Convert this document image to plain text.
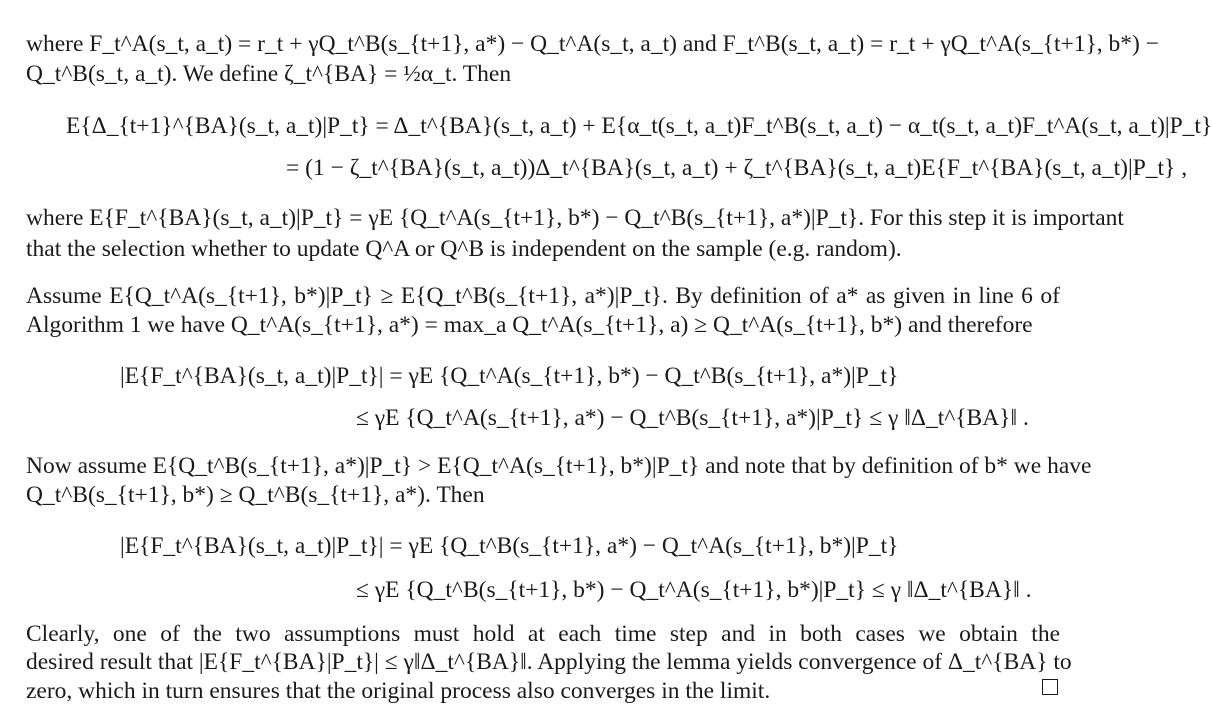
where F_t^A(s_t, a_t) = r_t + γQ_t^B(s_{t+1}, a*) − Q_t^A(s_t, a_t) and F_t^B(s_t, a_t) = r_t + γQ_t^A(s_{t+1}, b*) −

Q_t^B(s_t, a_t). We define ζ_t^{BA} = ½α_t. Then

E{Δ_{t+1}^{BA}(s_t, a_t)|P_t} = Δ_t^{BA}(s_t, a_t) + E{α_t(s_t, a_t)F_t^B(s_t, a_t) − α_t(s_t, a_t)F_t^A(s_t, a_t)|P_t}

= (1 − ζ_t^{BA}(s_t, a_t))Δ_t^{BA}(s_t, a_t) + ζ_t^{BA}(s_t, a_t)E{F_t^{BA}(s_t, a_t)|P_t} ,

where E{F_t^{BA}(s_t, a_t)|P_t} = γE {Q_t^A(s_{t+1}, b*) − Q_t^B(s_{t+1}, a*)|P_t}. For this step it is important

that the selection whether to update Q^A or Q^B is independent on the sample (e.g. random).

Assume E{Q_t^A(s_{t+1}, b*)|P_t} ≥ E{Q_t^B(s_{t+1}, a*)|P_t}. By definition of a* as given in line 6 of

Algorithm 1 we have Q_t^A(s_{t+1}, a*) = max_a Q_t^A(s_{t+1}, a) ≥ Q_t^A(s_{t+1}, b*) and therefore

|E{F_t^{BA}(s_t, a_t)|P_t}| = γE {Q_t^A(s_{t+1}, b*) − Q_t^B(s_{t+1}, a*)|P_t}

≤ γE {Q_t^A(s_{t+1}, a*) − Q_t^B(s_{t+1}, a*)|P_t} ≤ γ ‖Δ_t^{BA}‖ .

Now assume E{Q_t^B(s_{t+1}, a*)|P_t} > E{Q_t^A(s_{t+1}, b*)|P_t} and note that by definition of b* we have

Q_t^B(s_{t+1}, b*) ≥ Q_t^B(s_{t+1}, a*). Then

|E{F_t^{BA}(s_t, a_t)|P_t}| = γE {Q_t^B(s_{t+1}, a*) − Q_t^A(s_{t+1}, b*)|P_t}

≤ γE {Q_t^B(s_{t+1}, b*) − Q_t^A(s_{t+1}, b*)|P_t} ≤ γ ‖Δ_t^{BA}‖ .

Clearly, one of the two assumptions must hold at each time step and in both cases we obtain the

desired result that |E{F_t^{BA}|P_t}| ≤ γ‖Δ_t^{BA}‖. Applying the lemma yields convergence of Δ_t^{BA} to

zero, which in turn ensures that the original process also converges in the limit.
